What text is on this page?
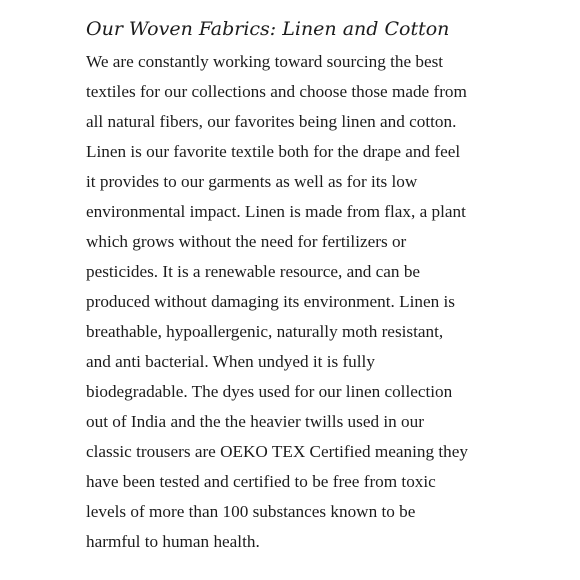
Our Woven Fabrics: Linen and Cotton

We are constantly working toward sourcing the best
textiles for our collections and choose those made from
all natural fibers, our favorites being linen and cotton.
Linen is our favorite textile both for the drape and feel
it provides to our garments as well as for its low
environmental impact. Linen is made from flax, a plant
which grows without the need for fertilizers or
pesticides. It is a renewable resource, and can be
produced without damaging its environment. Linen is
breathable, hypoallergenic, naturally moth resistant,
and anti bacterial. When undyed it is fully
biodegradable. The dyes used for our linen collection
out of India and the the heavier twills used in our
classic trousers are OEKO TEX Certified meaning they
have been tested and certified to be free from toxic
levels of more than 100 substances known to be
harmful to human health.
